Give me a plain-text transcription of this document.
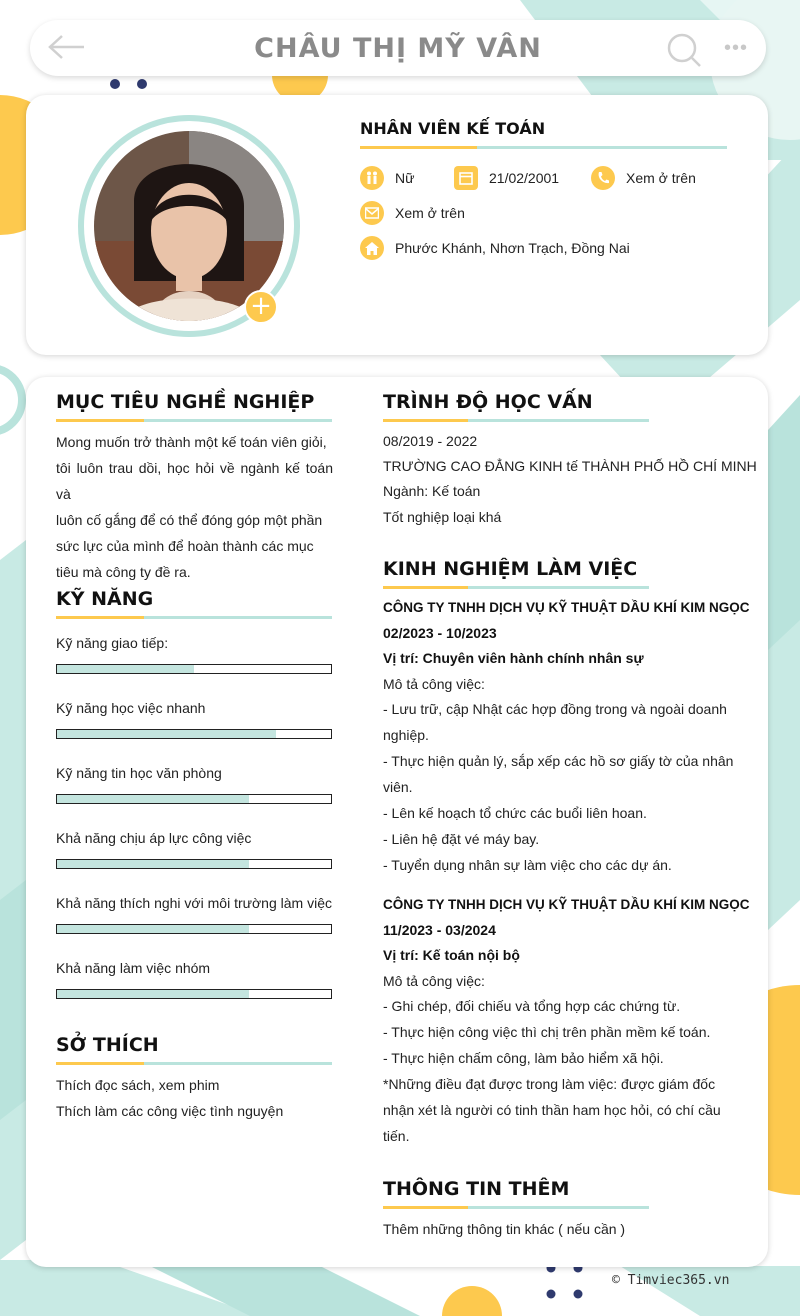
CHÂU THỊ MỸ VÂN	•••
+
NHÂN VIÊN KẾ TOÁN
Nữ	21/02/2001	Xem ở trên
Xem ở trên
Phước Khánh, Nhơn Trạch, Đồng Nai
MỤC TIÊU NGHỀ NGHIỆP
Mong muốn trở thành một kế toán viên giỏi,
tôi luôn trau dồi, học hỏi về ngành kế toán và
luôn cố gắng để có thể đóng góp một phần
sức lực của mình để hoàn thành các mục
tiêu mà công ty đề ra.
KỸ NĂNG
Kỹ năng giao tiếp:
Kỹ năng học việc nhanh
Kỹ năng tin học văn phòng
Khả năng chịu áp lực công việc
Khả năng thích nghi với môi trường làm việc
Khả năng làm việc nhóm
SỞ THÍCH
Thích đọc sách, xem phim
Thích làm các công việc tình nguyện
TRÌNH ĐỘ HỌC VẤN
08/2019 - 2022
TRƯỜNG CAO ĐẲNG KINH tế THÀNH PHỐ HỒ CHÍ MINH
Ngành: Kế toán
Tốt nghiệp loại khá
KINH NGHIỆM LÀM VIỆC
CÔNG TY TNHH DỊCH VỤ KỸ THUẬT DẦU KHÍ KIM NGỌC
02/2023 - 10/2023
Vị trí: Chuyên viên hành chính nhân sự
Mô tả công việc:
- Lưu trữ, cập Nhật các hợp đồng trong và ngoài doanh
nghiệp.
- Thực hiện quản lý, sắp xếp các hồ sơ giấy tờ của nhân
viên.
- Lên kế hoạch tổ chức các buổi liên hoan.
- Liên hệ đặt vé máy bay.
- Tuyển dụng nhân sự làm việc cho các dự án.
CÔNG TY TNHH DỊCH VỤ KỸ THUẬT DẦU KHÍ KIM NGỌC
11/2023 - 03/2024
Vị trí: Kế toán nội bộ
Mô tả công việc:
- Ghi chép, đối chiếu và tổng hợp các chứng từ.
- Thực hiện công việc thì chị trên phần mềm kế toán.
- Thực hiện chấm công, làm bảo hiểm xã hội.
*Những điều đạt được trong làm việc: được giám đốc
nhận xét là người có tinh thần ham học hỏi, có chí cầu
tiến.
THÔNG TIN THÊM
Thêm những thông tin khác ( nếu cần )
© Timviec365.vn
